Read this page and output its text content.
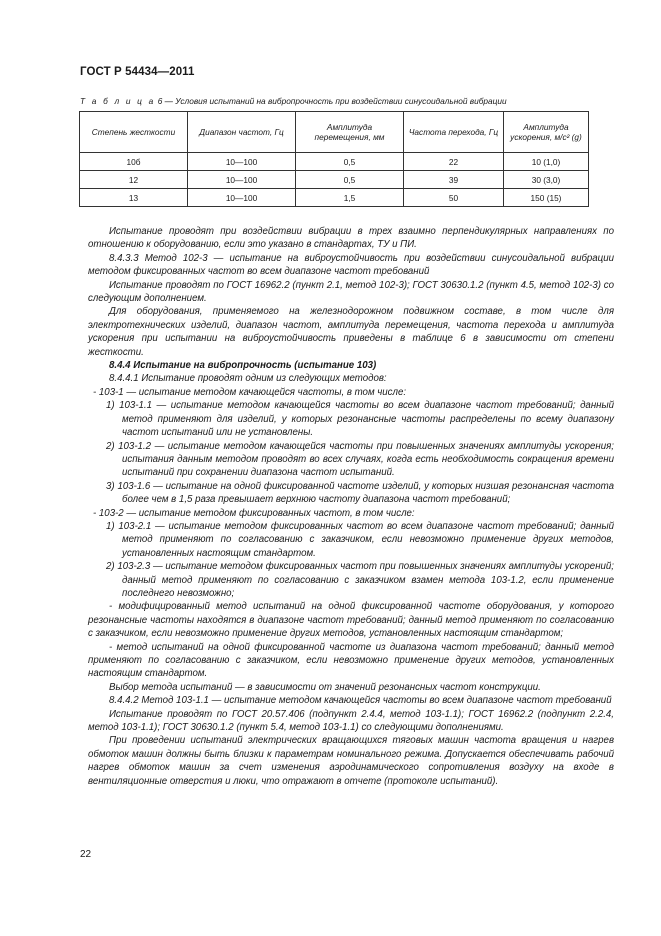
ГОСТ Р 54434—2011
Т а б л и ц а 6 — Условия испытаний на вибропрочность при воздействии синусоидальной вибрации
Степень жесткости	Диапазон частот, Гц	Амплитуда перемещения, мм	Частота перехода, Гц	Амплитуда ускорения, м/с² (g)
10б	10—100	0,5	22	10 (1,0)
12	10—100	0,5	39	30 (3,0)
13	10—100	1,5	50	150 (15)

Испытание проводят при воздействии вибрации в трех взаимно перпендикулярных направлениях по отношению к оборудованию, если это указано в стандартах, ТУ и ПИ.

8.4.3.3 Метод 102-3 — испытание на виброустойчивость при воздействии синусоидальной вибрации методом фиксированных частот во всем диапазоне частот требований

Испытание проводят по ГОСТ 16962.2 (пункт 2.1, метод 102-3); ГОСТ 30630.1.2 (пункт 4.5, метод 102-3) со следующим дополнением.

Для оборудования, применяемого на железнодорожном подвижном составе, в том числе для электротехнических изделий, диапазон частот, амплитуда перемещения, частота перехода и амплитуда ускорения при испытании на виброустойчивость приведены в таблице 6 в зависимости от степени жесткости.

8.4.4 Испытание на вибропрочность (испытание 103)

8.4.4.1 Испытание проводят одним из следующих методов:

- 103-1 — испытание методом качающейся частоты, в том числе:

1) 103-1.1 — испытание методом качающейся частоты во всем диапазоне частот требований; данный метод применяют для изделий, у которых резонансные частоты распределены по всему диапазону частот испытаний или не установлены.

2) 103-1.2 — испытание методом качающейся частоты при повышенных значениях амплитуды ускорения; испытания данным методом проводят во всех случаях, когда есть необходимость сокращения времени испытаний при сохранении диапазона частот испытаний.

3) 103-1.6 — испытание на одной фиксированной частоте изделий, у которых низшая резонансная частота более чем в 1,5 раза превышает верхнюю частоту диапазона частот требований;

- 103-2 — испытание методом фиксированных частот, в том числе:

1) 103-2.1 — испытание методом фиксированных частот во всем диапазоне частот требований; данный метод применяют по согласованию с заказчиком, если невозможно применение других методов, установленных настоящим стандартом.

2) 103-2.3 — испытание методом фиксированных частот при повышенных значениях амплитуды ускорений; данный метод применяют по согласованию с заказчиком взамен метода 103-1.2, если применение последнего невозможно;

- модифицированный метод испытаний на одной фиксированной частоте оборудования, у которого резонансные частоты находятся в диапазоне частот требований; данный метод применяют по согласованию с заказчиком, если невозможно применение других методов, установленных настоящим стандартом;

- метод испытаний на одной фиксированной частоте из диапазона частот требований; данный метод применяют по согласованию с заказчиком, если невозможно применение других методов, установленных настоящим стандартом.

Выбор метода испытаний — в зависимости от значений резонансных частот конструкции.

8.4.4.2 Метод 103-1.1 — испытание методом качающейся частоты во всем диапазоне частот требований

Испытание проводят по ГОСТ 20.57.406 (подпункт 2.4.4, метод 103-1.1); ГОСТ 16962.2 (подпункт 2.2.4, метод 103-1.1); ГОСТ 30630.1.2 (пункт 5.4, метод 103-1.1) со следующими дополнениями.

При проведении испытаний электрических вращающихся тяговых машин частота вращения и нагрев обмоток машин должны быть близки к параметрам номинального режима. Допускается обеспечивать рабочий нагрев обмоток машин за счет изменения аэродинамического сопротивления воздуху на входе в вентиляционные отверстия и люки, что отражают в отчете (протоколе испытаний).

22
